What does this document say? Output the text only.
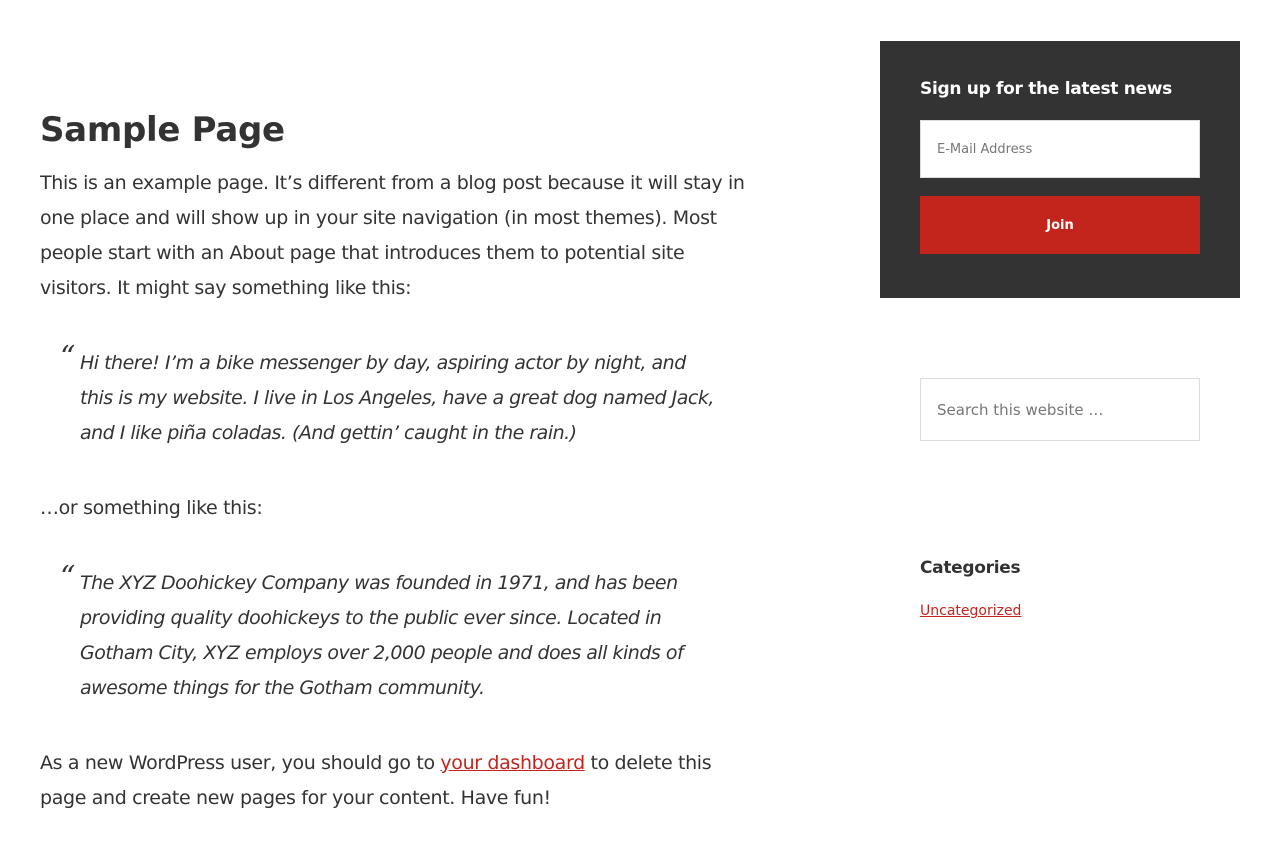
Sample Page

This is an example page. It’s different from a blog post because it will stay in one place and will show up in your site navigation (in most themes). Most people start with an About page that introduces them to potential site visitors. It might say something like this:

“ Hi there! I’m a bike messenger by day, aspiring actor by night, and this is my website. I live in Los Angeles, have a great dog named Jack, and I like piña coladas. (And gettin’ caught in the rain.)

…or something like this:

“ The XYZ Doohickey Company was founded in 1971, and has been providing quality doohickeys to the public ever since. Located in Gotham City, XYZ employs over 2,000 people and does all kinds of awesome things for the Gotham community.

As a new WordPress user, you should go to your dashboard to delete this page and create new pages for your content. Have fun!

Sign up for the latest news
E-Mail Address
Join
Search this website …
Categories
Uncategorized
